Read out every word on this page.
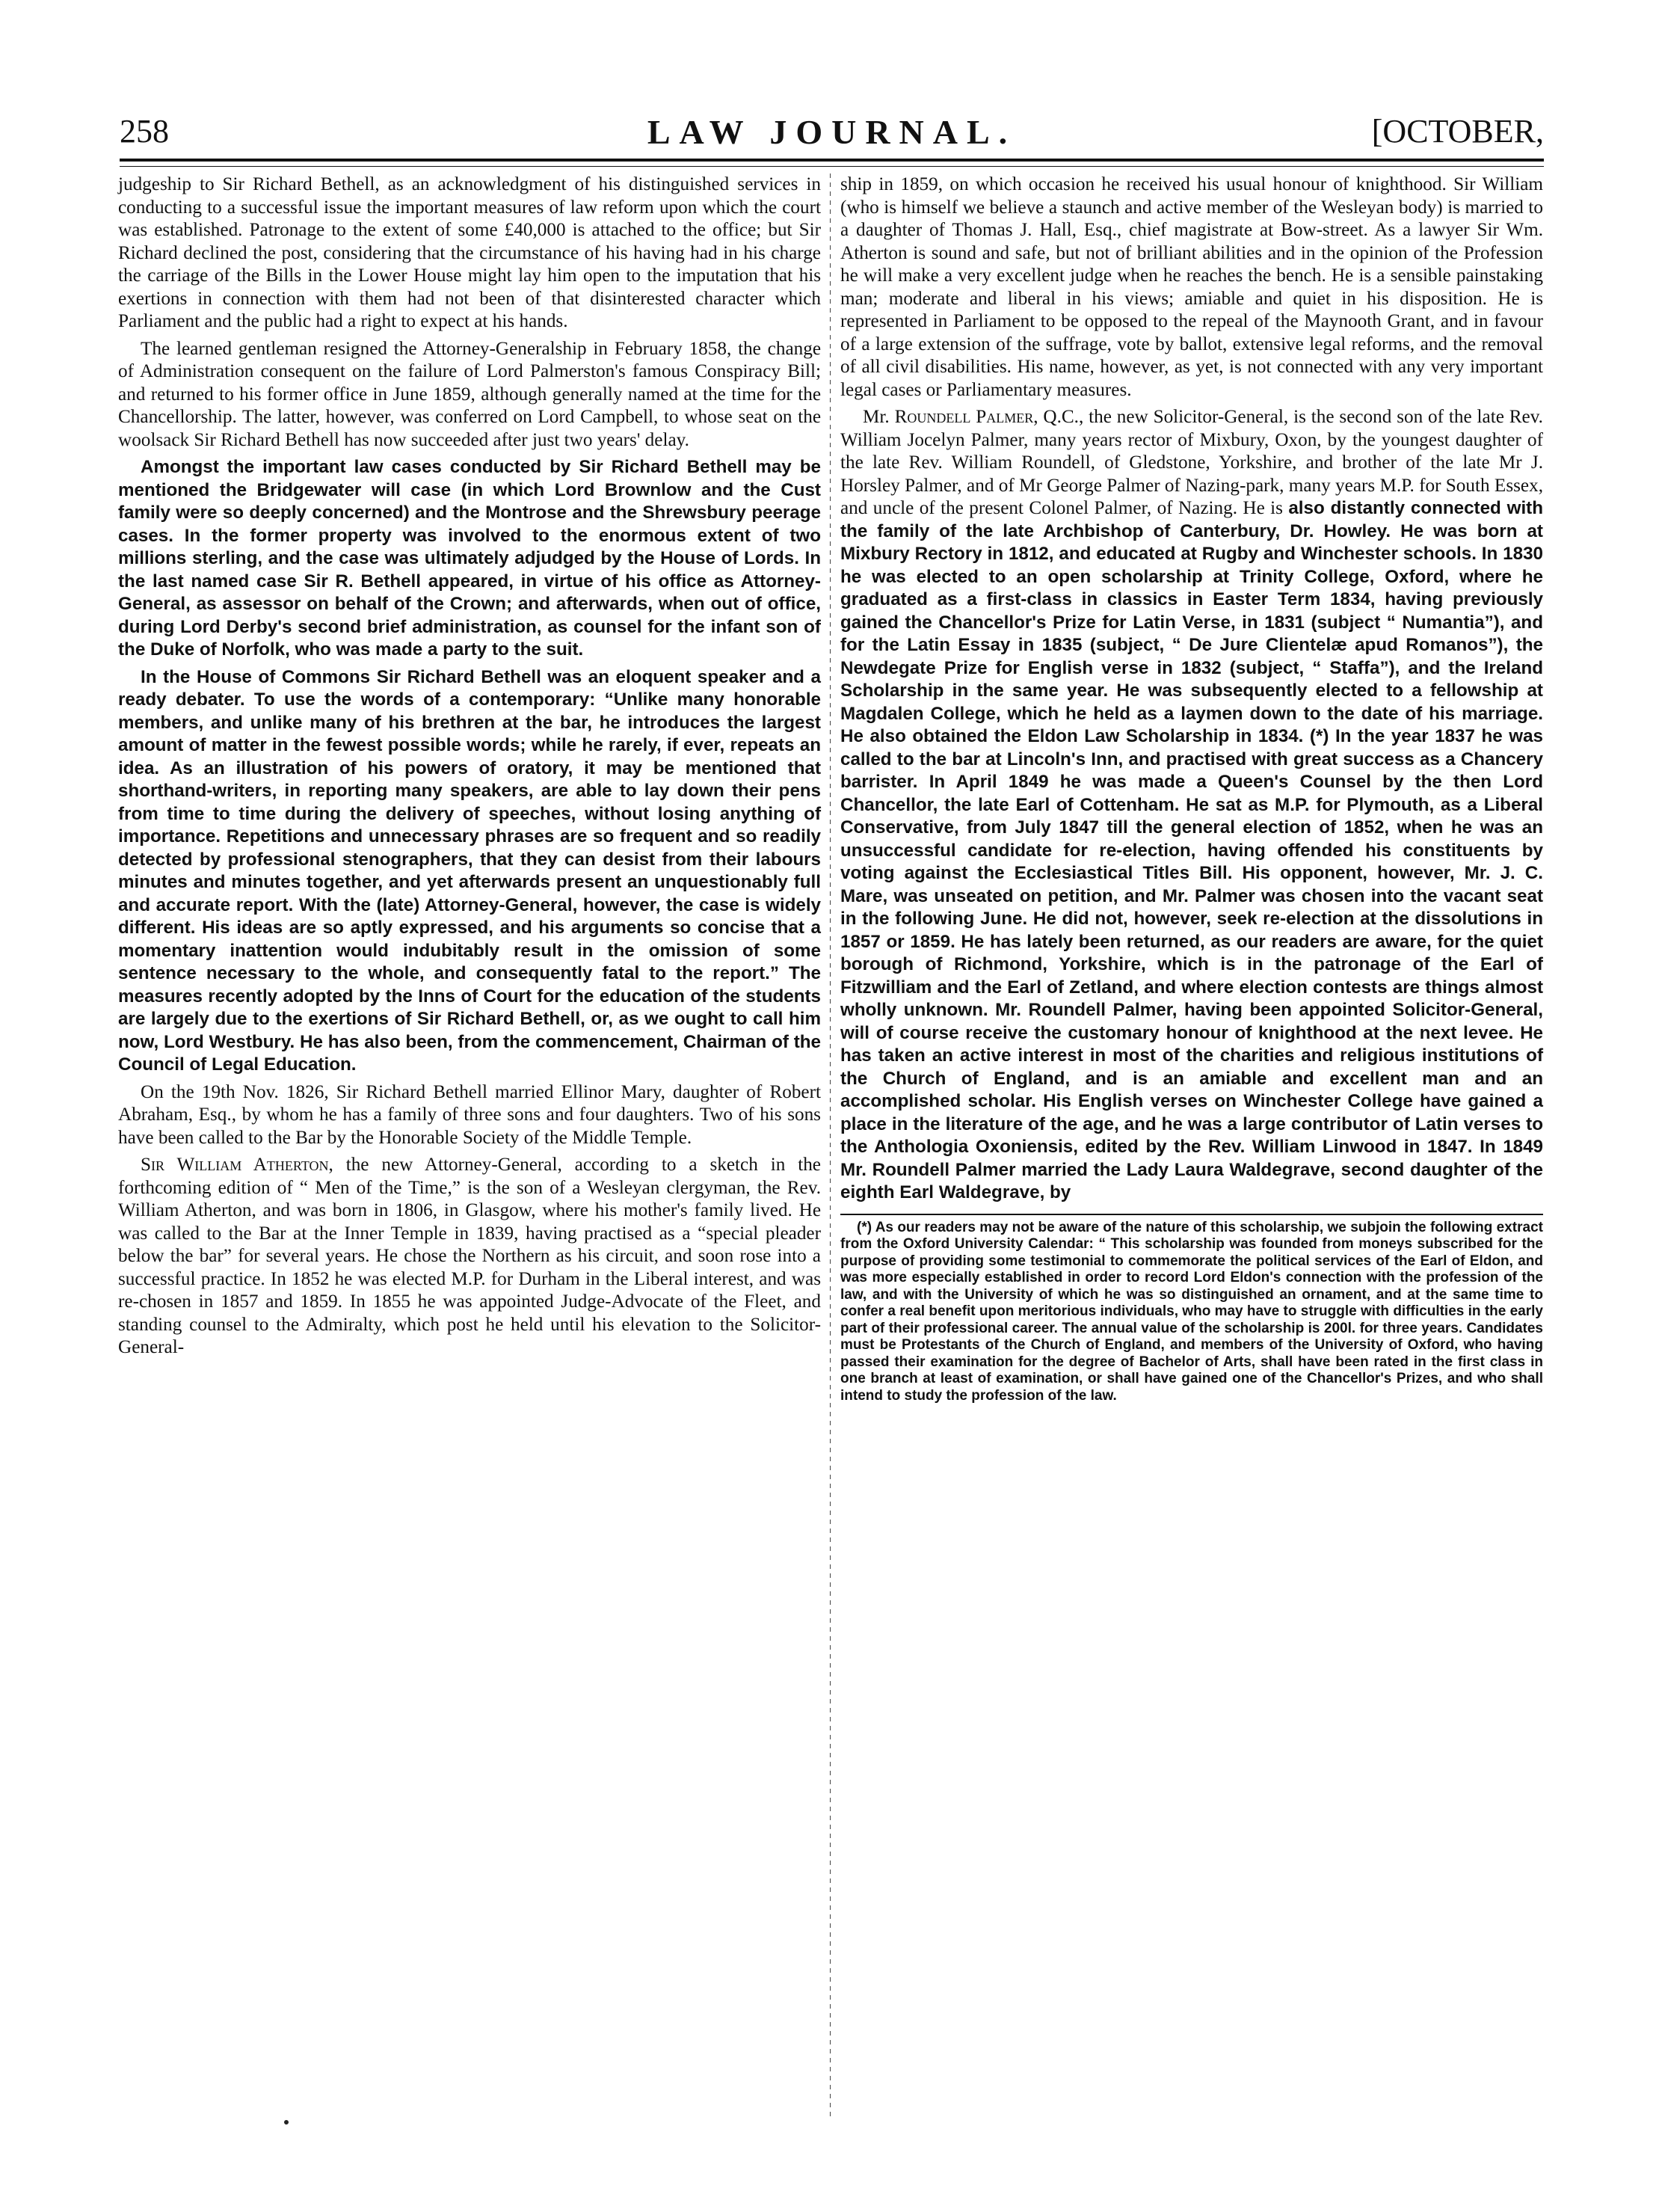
258	LAW JOURNAL.	[OCTOBER,

judgeship to Sir Richard Bethell, as an acknowledgment of his distinguished services in conducting to a successful issue the important measures of law reform upon which the court was established. Patronage to the extent of some £40,000 is attached to the office; but Sir Richard declined the post, considering that the circumstance of his having had in his charge the carriage of the Bills in the Lower House might lay him open to the imputation that his exertions in connection with them had not been of that disinterested character which Parliament and the public had a right to expect at his hands.

The learned gentleman resigned the Attorney-Generalship in February 1858, the change of Administration consequent on the failure of Lord Palmerston's famous Conspiracy Bill; and returned to his former office in June 1859, although generally named at the time for the Chancellorship. The latter, however, was conferred on Lord Campbell, to whose seat on the woolsack Sir Richard Bethell has now succeeded after just two years' delay.

Amongst the important law cases conducted by Sir Richard Bethell may be mentioned the Bridgewater will case (in which Lord Brownlow and the Cust family were so deeply concerned) and the Montrose and the Shrewsbury peerage cases. In the former property was involved to the enormous extent of two millions sterling, and the case was ultimately adjudged by the House of Lords. In the last named case Sir R. Bethell appeared, in virtue of his office as Attorney-General, as assessor on behalf of the Crown; and afterwards, when out of office, during Lord Derby's second brief administration, as counsel for the infant son of the Duke of Norfolk, who was made a party to the suit.

In the House of Commons Sir Richard Bethell was an eloquent speaker and a ready debater. To use the words of a contemporary: “Unlike many honorable members, and unlike many of his brethren at the bar, he introduces the largest amount of matter in the fewest possible words; while he rarely, if ever, repeats an idea. As an illustration of his powers of oratory, it may be mentioned that shorthand-writers, in reporting many speakers, are able to lay down their pens from time to time during the delivery of speeches, without losing anything of importance. Repetitions and unnecessary phrases are so frequent and so readily detected by professional stenographers, that they can desist from their labours minutes and minutes together, and yet afterwards present an unquestionably full and accurate report. With the (late) Attorney-General, however, the case is widely different. His ideas are so aptly expressed, and his arguments so concise that a momentary inattention would indubitably result in the omission of some sentence necessary to the whole, and consequently fatal to the report.” The measures recently adopted by the Inns of Court for the education of the students are largely due to the exertions of Sir Richard Bethell, or, as we ought to call him now, Lord Westbury. He has also been, from the commencement, Chairman of the Council of Legal Education.

On the 19th Nov. 1826, Sir Richard Bethell married Ellinor Mary, daughter of Robert Abraham, Esq., by whom he has a family of three sons and four daughters. Two of his sons have been called to the Bar by the Honorable Society of the Middle Temple.

Sir William Atherton, the new Attorney-General, according to a sketch in the forthcoming edition of “ Men of the Time,” is the son of a Wesleyan clergyman, the Rev. William Atherton, and was born in 1806, in Glasgow, where his mother's family lived. He was called to the Bar at the Inner Temple in 1839, having practised as a “special pleader below the bar” for several years. He chose the Northern as his circuit, and soon rose into a successful practice. In 1852 he was elected M.P. for Durham in the Liberal interest, and was re-chosen in 1857 and 1859. In 1855 he was appointed Judge-Advocate of the Fleet, and standing counsel to the Admiralty, which post he held until his elevation to the Solicitor-General-

ship in 1859, on which occasion he received his usual honour of knighthood. Sir William (who is himself we believe a staunch and active member of the Wesleyan body) is married to a daughter of Thomas J. Hall, Esq., chief magistrate at Bow-street. As a lawyer Sir Wm. Atherton is sound and safe, but not of brilliant abilities and in the opinion of the Profession he will make a very excellent judge when he reaches the bench. He is a sensible painstaking man; moderate and liberal in his views; amiable and quiet in his disposition. He is represented in Parliament to be opposed to the repeal of the Maynooth Grant, and in favour of a large extension of the suffrage, vote by ballot, extensive legal reforms, and the removal of all civil disabilities. His name, however, as yet, is not connected with any very important legal cases or Parliamentary measures.

Mr. Roundell Palmer, Q.C., the new Solicitor-General, is the second son of the late Rev. William Jocelyn Palmer, many years rector of Mixbury, Oxon, by the youngest daughter of the late Rev. William Roundell, of Gledstone, Yorkshire, and brother of the late Mr J. Horsley Palmer, and of Mr George Palmer of Nazing-park, many years M.P. for South Essex, and uncle of the present Colonel Palmer, of Nazing. He is also distantly connected with the family of the late Archbishop of Canterbury, Dr. Howley. He was born at Mixbury Rectory in 1812, and educated at Rugby and Winchester schools. In 1830 he was elected to an open scholarship at Trinity College, Oxford, where he graduated as a first-class in classics in Easter Term 1834, having previously gained the Chancellor's Prize for Latin Verse, in 1831 (subject “ Numantia”), and for the Latin Essay in 1835 (subject, “ De Jure Clientelæ apud Romanos”), the Newdegate Prize for English verse in 1832 (subject, “ Staffa”), and the Ireland Scholarship in the same year. He was subsequently elected to a fellowship at Magdalen College, which he held as a laymen down to the date of his marriage. He also obtained the Eldon Law Scholarship in 1834. (*) In the year 1837 he was called to the bar at Lincoln's Inn, and practised with great success as a Chancery barrister. In April 1849 he was made a Queen's Counsel by the then Lord Chancellor, the late Earl of Cottenham. He sat as M.P. for Plymouth, as a Liberal Conservative, from July 1847 till the general election of 1852, when he was an unsuccessful candidate for re-election, having offended his constituents by voting against the Ecclesiastical Titles Bill. His opponent, however, Mr. J. C. Mare, was unseated on petition, and Mr. Palmer was chosen into the vacant seat in the following June. He did not, however, seek re-election at the dissolutions in 1857 or 1859. He has lately been returned, as our readers are aware, for the quiet borough of Richmond, Yorkshire, which is in the patronage of the Earl of Fitzwilliam and the Earl of Zetland, and where election contests are things almost wholly unknown. Mr. Roundell Palmer, having been appointed Solicitor-General, will of course receive the customary honour of knighthood at the next levee. He has taken an active interest in most of the charities and religious institutions of the Church of England, and is an amiable and excellent man and an accomplished scholar. His English verses on Winchester College have gained a place in the literature of the age, and he was a large contributor of Latin verses to the Anthologia Oxoniensis, edited by the Rev. William Linwood in 1847. In 1849 Mr. Roundell Palmer married the Lady Laura Waldegrave, second daughter of the eighth Earl Waldegrave, by

(*) As our readers may not be aware of the nature of this scholarship, we subjoin the following extract from the Oxford University Calendar: “ This scholarship was founded from moneys subscribed for the purpose of providing some testimonial to commemorate the political services of the Earl of Eldon, and was more especially established in order to record Lord Eldon's connection with the profession of the law, and with the University of which he was so distinguished an ornament, and at the same time to confer a real benefit upon meritorious individuals, who may have to struggle with difficulties in the early part of their professional career. The annual value of the scholarship is 200l. for three years. Candidates must be Protestants of the Church of England, and members of the University of Oxford, who having passed their examination for the degree of Bachelor of Arts, shall have been rated in the first class in one branch at least of examination, or shall have gained one of the Chancellor's Prizes, and who shall intend to study the profession of the law.
